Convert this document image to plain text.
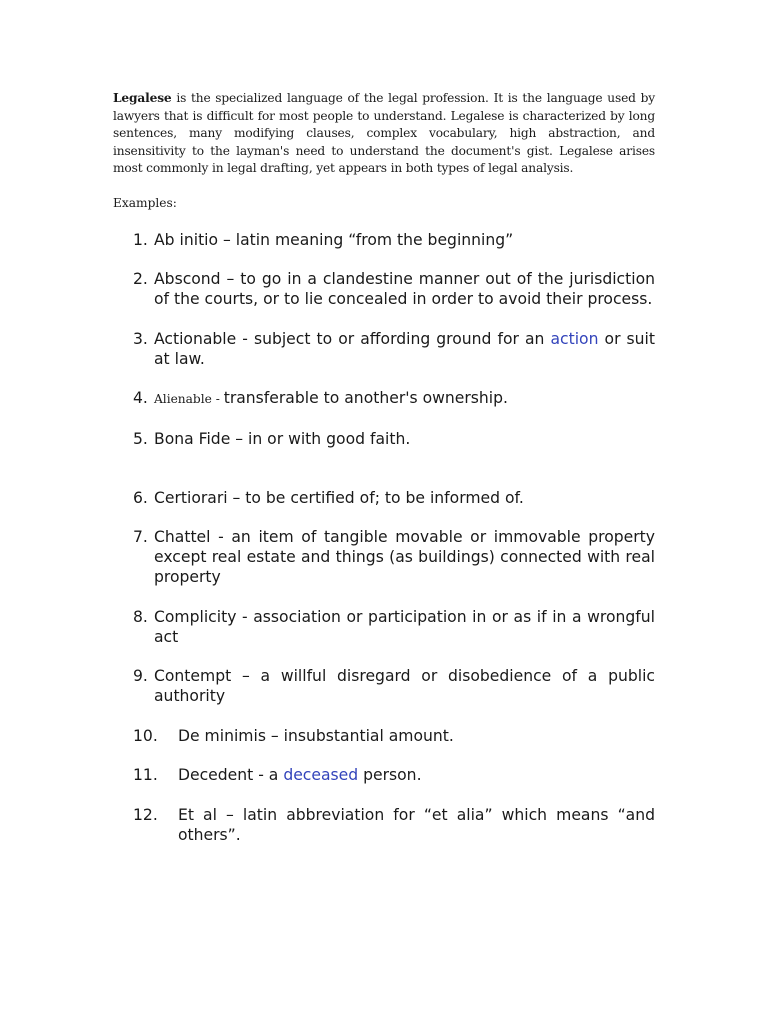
Legalese is the specialized language of the legal profession. It is the language used by lawyers that is difficult for most people to understand. Legalese is characterized by long sentences, many modifying clauses, complex vocabulary, high abstraction, and insensitivity to the layman's need to understand the document's gist. Legalese arises most commonly in legal drafting, yet appears in both types of legal analysis.

Examples:
1. Ab initio – latin meaning “from the beginning”
2. Abscond – to go in a clandestine manner out of the jurisdiction of the courts, or to lie concealed in order to avoid their process.
3. Actionable - subject to or affording ground for an action or suit at law.
4. Alienable - transferable to another's ownership.
5. Bona Fide – in or with good faith.
6. Certiorari – to be certified of; to be informed of.
7. Chattel - an item of tangible movable or immovable property except real estate and things (as buildings) connected with real property
8. Complicity - association or participation in or as if in a wrongful act
9. Contempt – a willful disregard or disobedience of a public authority
10.	De minimis – insubstantial amount.
11.	Decedent - a deceased person.
12.	Et al – latin abbreviation for “et alia” which means “and others”.
